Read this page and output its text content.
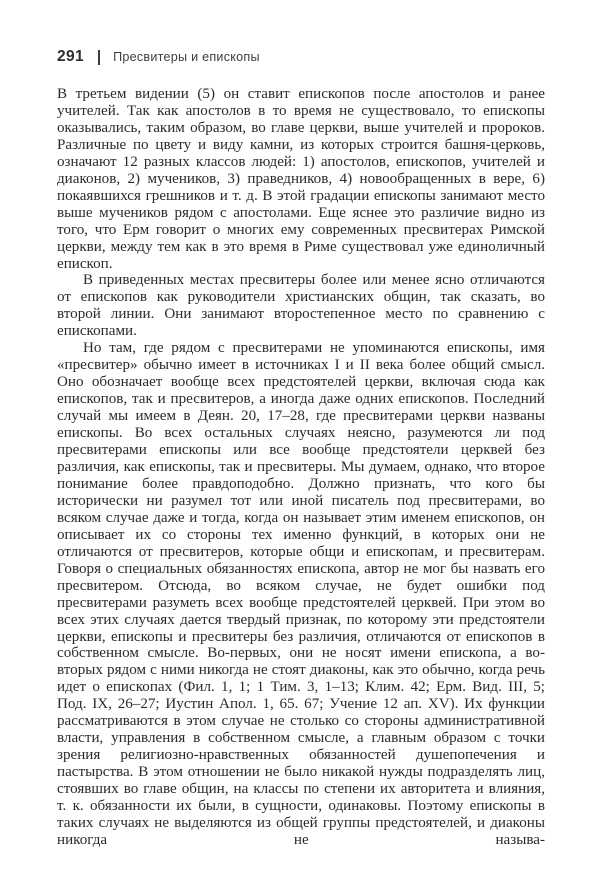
291 Пресвитеры и епископы

В третьем видении (5) он ставит епископов после апостолов и ранее учителей. Так как апостолов в то время не существовало, то епископы оказывались, таким образом, во главе церкви, выше учителей и пророков. Различные по цвету и виду камни, из которых строится башня-церковь, означают 12 разных классов людей: 1) апостолов, епископов, учителей и диаконов, 2) мучеников, 3) праведников, 4) новообращенных в вере, 6) покаявшихся грешников и т. д. В этой градации епископы занимают место выше мучеников рядом с апостолами. Еще яснее это различие видно из того, что Ерм говорит о многих ему современных пресвитерах Римской церкви, между тем как в это время в Риме существовал уже единоличный епископ.

В приведенных местах пресвитеры более или менее ясно отличаются от епископов как руководители христианских общин, так сказать, во второй линии. Они занимают второстепенное место по сравнению с епископами.

Но там, где рядом с пресвитерами не упоминаются епископы, имя «пресвитер» обычно имеет в источниках I и II века более общий смысл. Оно обозначает вообще всех предстоятелей церкви, включая сюда как епископов, так и пресвитеров, а иногда даже одних епископов. Последний случай мы имеем в Деян. 20, 17–28, где пресвитерами церкви названы епископы. Во всех остальных случаях неясно, разумеются ли под пресвитерами епископы или все вообще предстоятели церквей без различия, как епископы, так и пресвитеры. Мы думаем, однако, что второе понимание более правдоподобно. Должно признать, что кого бы исторически ни разумел тот или иной писатель под пресвитерами, во всяком случае даже и тогда, когда он называет этим именем епископов, он описывает их со стороны тех именно функций, в которых они не отличаются от пресвитеров, которые общи и епископам, и пресвитерам. Говоря о специальных обязанностях епископа, автор не мог бы назвать его пресвитером. Отсюда, во всяком случае, не будет ошибки под пресвитерами разуметь всех вообще предстоятелей церквей. При этом во всех этих случаях дается твердый признак, по которому эти предстоятели церкви, епископы и пресвитеры без различия, отличаются от епископов в собственном смысле. Во-первых, они не носят имени епископа, а во-вторых рядом с ними никогда не стоят диаконы, как это обычно, когда речь идет о епископах (Фил. 1, 1; 1 Тим. 3, 1–13; Клим. 42; Ерм. Вид. III, 5; Под. IX, 26–27; Иустин Апол. 1, 65. 67; Учение 12 ап. XV). Их функции рассматриваются в этом случае не столько со стороны административной власти, управления в собственном смысле, а главным образом с точки зрения религиозно-нравственных обязанностей душепопечения и пастырства. В этом отношении не было никакой нужды подразделять лиц, стоявших во главе общин, на классы по степени их авторитета и влияния, т. к. обязанности их были, в сущности, одинаковы. Поэтому епископы в таких случаях не выделяются из общей группы предстоятелей, и диаконы никогда не называ-
